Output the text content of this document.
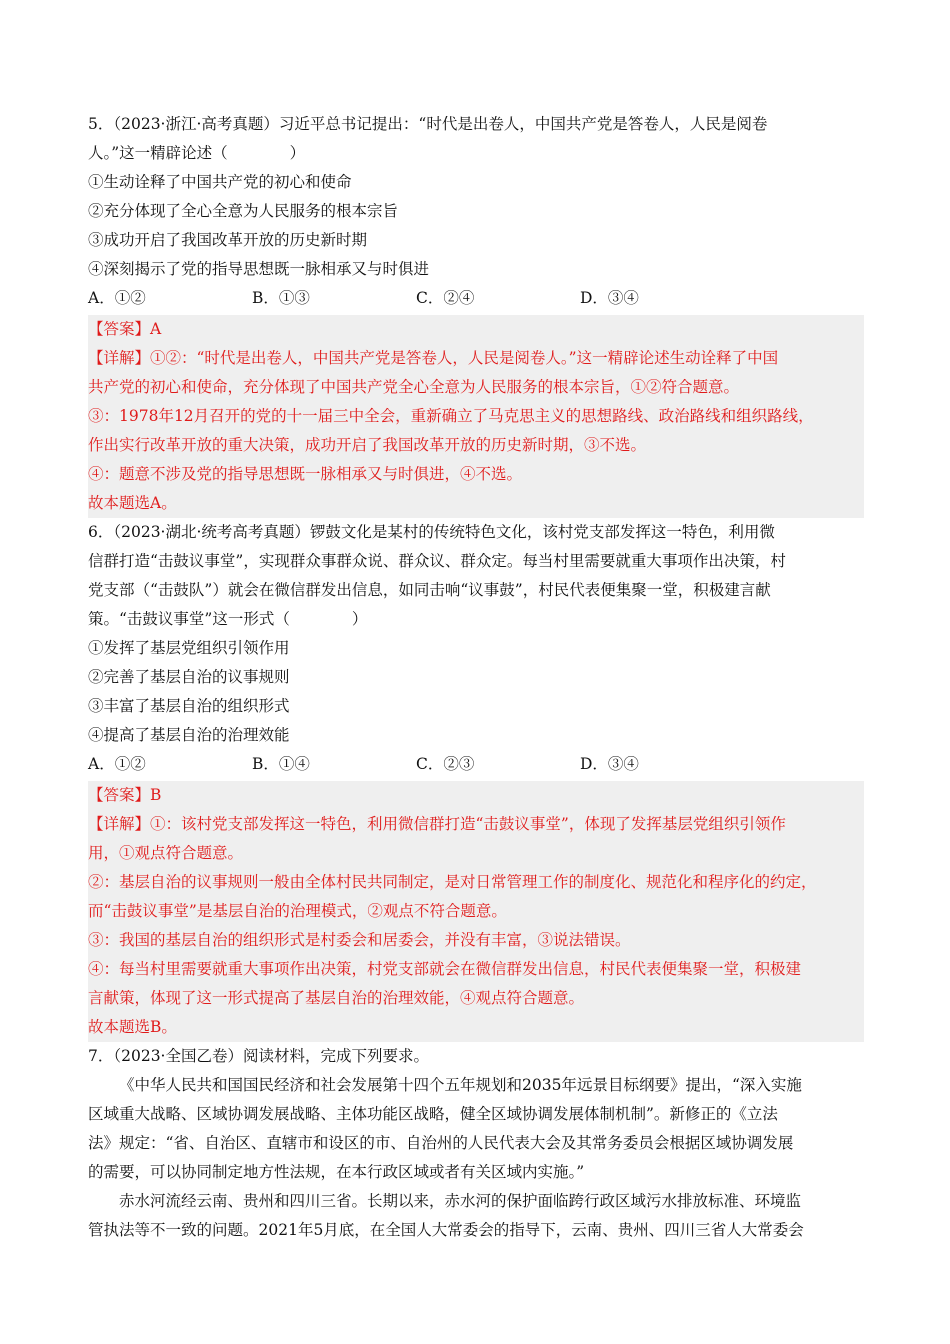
5．（2023·浙江·高考真题）习近平总书记提出：“时代是出卷人，中国共产党是答卷人，人民是阅卷
人。”这一精辟论述（　　　　）
①生动诠释了中国共产党的初心和使命
②充分体现了全心全意为人民服务的根本宗旨
③成功开启了我国改革开放的历史新时期
④深刻揭示了党的指导思想既一脉相承又与时俱进
A．①②	B．①③	C．②④	D．③④
【答案】A
【详解】①②：“时代是出卷人，中国共产党是答卷人，人民是阅卷人。”这一精辟论述生动诠释了中国
共产党的初心和使命，充分体现了中国共产党全心全意为人民服务的根本宗旨，①②符合题意。
③：1978年12月召开的党的十一届三中全会，重新确立了马克思主义的思想路线、政治路线和组织路线，
作出实行改革开放的重大决策，成功开启了我国改革开放的历史新时期，③不选。
④：题意不涉及党的指导思想既一脉相承又与时俱进，④不选。
故本题选A。
6．（2023·湖北·统考高考真题）锣鼓文化是某村的传统特色文化，该村党支部发挥这一特色，利用微
信群打造“击鼓议事堂”，实现群众事群众说、群众议、群众定。每当村里需要就重大事项作出决策，村
党支部（“击鼓队”）就会在微信群发出信息，如同击响“议事鼓”，村民代表便集聚一堂，积极建言献
策。“击鼓议事堂”这一形式（　　　　）
①发挥了基层党组织引领作用
②完善了基层自治的议事规则
③丰富了基层自治的组织形式
④提高了基层自治的治理效能
A．①②	B．①④	C．②③	D．③④
【答案】B
【详解】①：该村党支部发挥这一特色，利用微信群打造“击鼓议事堂”，体现了发挥基层党组织引领作
用，①观点符合题意。
②：基层自治的议事规则一般由全体村民共同制定，是对日常管理工作的制度化、规范化和程序化的约定，
而“击鼓议事堂”是基层自治的治理模式，②观点不符合题意。
③：我国的基层自治的组织形式是村委会和居委会，并没有丰富，③说法错误。
④：每当村里需要就重大事项作出决策，村党支部就会在微信群发出信息，村民代表便集聚一堂，积极建
言献策，体现了这一形式提高了基层自治的治理效能，④观点符合题意。
故本题选B。
7．（2023·全国乙卷）阅读材料，完成下列要求。
《中华人民共和国国民经济和社会发展第十四个五年规划和2035年远景目标纲要》提出，“深入实施
区域重大战略、区域协调发展战略、主体功能区战略，健全区域协调发展体制机制”。新修正的《立法
法》规定：“省、自治区、直辖市和设区的市、自治州的人民代表大会及其常务委员会根据区域协调发展
的需要，可以协同制定地方性法规，在本行政区域或者有关区域内实施。”
赤水河流经云南、贵州和四川三省。长期以来，赤水河的保护面临跨行政区域污水排放标准、环境监
管执法等不一致的问题。2021年5月底，在全国人大常委会的指导下，云南、贵州、四川三省人大常委会
